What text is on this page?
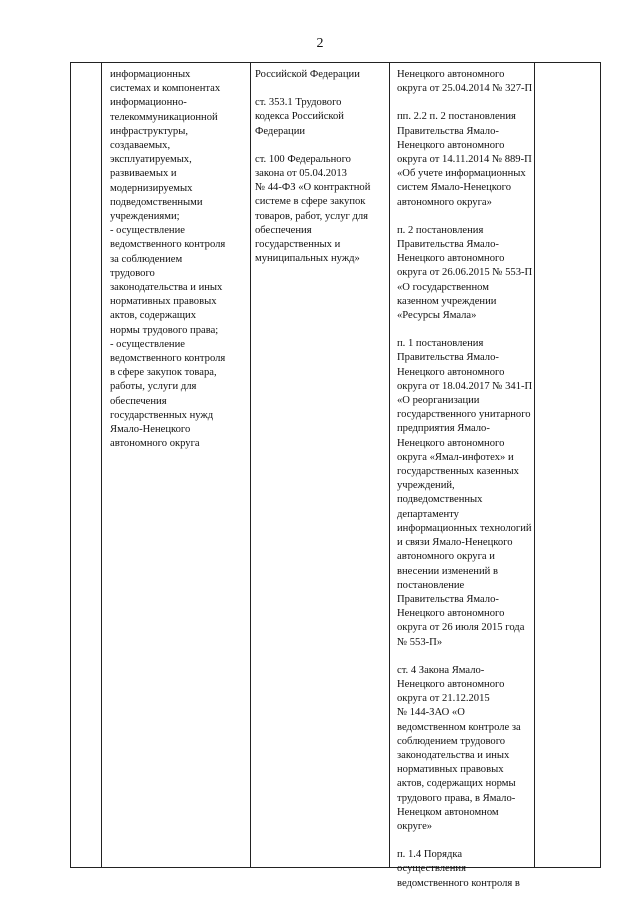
2

информационных
системах и компонентах
информационно-
телекоммуникационной
инфраструктуры,
создаваемых,
эксплуатируемых,
развиваемых и
модернизируемых
подведомственными
учреждениями;
- осуществление
ведомственного контроля
за соблюдением
трудового
законодательства и иных
нормативных правовых
актов, содержащих
нормы трудового права;
- осуществление
ведомственного контроля
в сфере закупок товара,
работы, услуги для
обеспечения
государственных нужд
Ямало-Ненецкого
автономного округа

Российской Федерации

ст. 353.1 Трудового
кодекса Российской
Федерации

ст. 100 Федерального
закона от 05.04.2013
№ 44-ФЗ «О контрактной
системе в сфере закупок
товаров, работ, услуг для
обеспечения
государственных и
муниципальных нужд»

Ненецкого автономного
округа от 25.04.2014 № 327-П

пп. 2.2 п. 2 постановления
Правительства Ямало-
Ненецкого автономного
округа от 14.11.2014 № 889-П
«Об учете информационных
систем Ямало-Ненецкого
автономного округа»

п. 2 постановления
Правительства Ямало-
Ненецкого автономного
округа от 26.06.2015 № 553-П
«О государственном
казенном учреждении
«Ресурсы Ямала»

п. 1 постановления
Правительства Ямало-
Ненецкого автономного
округа от 18.04.2017 № 341-П
«О реорганизации
государственного унитарного
предприятия Ямало-
Ненецкого автономного
округа «Ямал-инфотех» и
государственных казенных
учреждений,
подведомственных
департаменту
информационных технологий
и связи Ямало-Ненецкого
автономного округа и
внесении изменений в
постановление
Правительства Ямало-
Ненецкого автономного
округа от 26 июля 2015 года
№ 553-П»

ст. 4 Закона Ямало-
Ненецкого автономного
округа от 21.12.2015
№ 144-ЗАО «О
ведомственном контроле за
соблюдением трудового
законодательства и иных
нормативных правовых
актов, содержащих нормы
трудового права, в Ямало-
Ненецком автономном
округе»

п. 1.4 Порядка
осуществления
ведомственного контроля в
